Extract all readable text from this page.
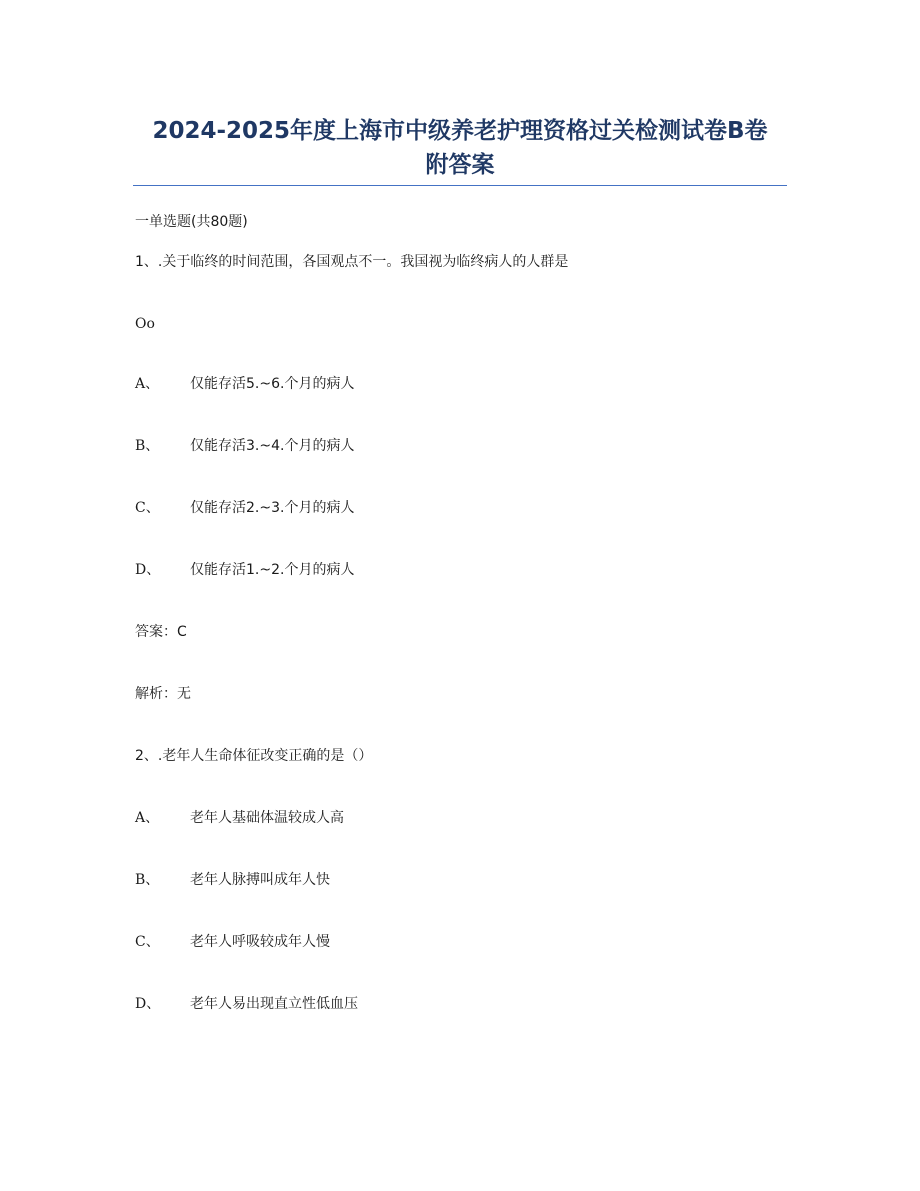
2024-2025年度上海市中级养老护理资格过关检测试卷B卷
附答案
一单选题(共80题)
1、.关于临终的时间范围，各国观点不一。我国视为临终病人的人群是
Oo
A、 仅能存活5.~6.个月的病人
B、 仅能存活3.~4.个月的病人
C、 仅能存活2.~3.个月的病人
D、 仅能存活1.~2.个月的病人
答案：C
解析：无
2、.老年人生命体征改变正确的是（）
A、 老年人基础体温较成人高
B、 老年人脉搏叫成年人快
C、 老年人呼吸较成年人慢
D、 老年人易出现直立性低血压
